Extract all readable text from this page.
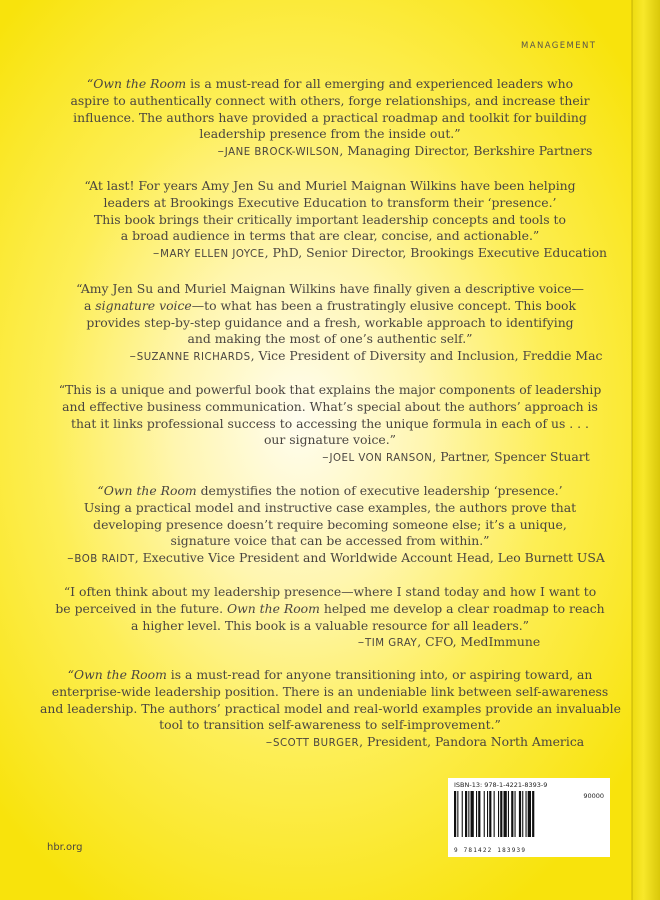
MANAGEMENT
“Own the Room is a must-read for all emerging and experienced leaders who
aspire to authentically connect with others, forge relationships, and increase their
influence. The authors have provided a practical roadmap and toolkit for building
leadership presence from the inside out.”
–JANE BROCK-WILSON, Managing Director, Berkshire Partners
“At last! For years Amy Jen Su and Muriel Maignan Wilkins have been helping
leaders at Brookings Executive Education to transform their ‘presence.’
This book brings their critically important leadership concepts and tools to
a broad audience in terms that are clear, concise, and actionable.”
–MARY ELLEN JOYCE, PhD, Senior Director, Brookings Executive Education
“Amy Jen Su and Muriel Maignan Wilkins have finally given a descriptive voice—
a signature voice—to what has been a frustratingly elusive concept. This book
provides step-by-step guidance and a fresh, workable approach to identifying
and making the most of one’s authentic self.”
–SUZANNE RICHARDS, Vice President of Diversity and Inclusion, Freddie Mac
“This is a unique and powerful book that explains the major components of leadership
and effective business communication. What’s special about the authors’ approach is
that it links professional success to accessing the unique formula in each of us . . .
our signature voice.”
–JOEL VON RANSON, Partner, Spencer Stuart
“Own the Room demystifies the notion of executive leadership ‘presence.’
Using a practical model and instructive case examples, the authors prove that
developing presence doesn’t require becoming someone else; it’s a unique,
signature voice that can be accessed from within.”
–BOB RAIDT, Executive Vice President and Worldwide Account Head, Leo Burnett USA
“I often think about my leadership presence—where I stand today and how I want to
be perceived in the future. Own the Room helped me develop a clear roadmap to reach
a higher level. This book is a valuable resource for all leaders.”
–TIM GRAY, CFO, MedImmune
“Own the Room is a must-read for anyone transitioning into, or aspiring toward, an
enterprise-wide leadership position. There is an undeniable link between self-awareness
and leadership. The authors’ practical model and real-world examples provide an invaluable
tool to transition self-awareness to self-improvement.”
–SCOTT BURGER, President, Pandora North America
hbr.org
ISBN-13: 978-1-4221-8393-9
90000
9 781422 183939
